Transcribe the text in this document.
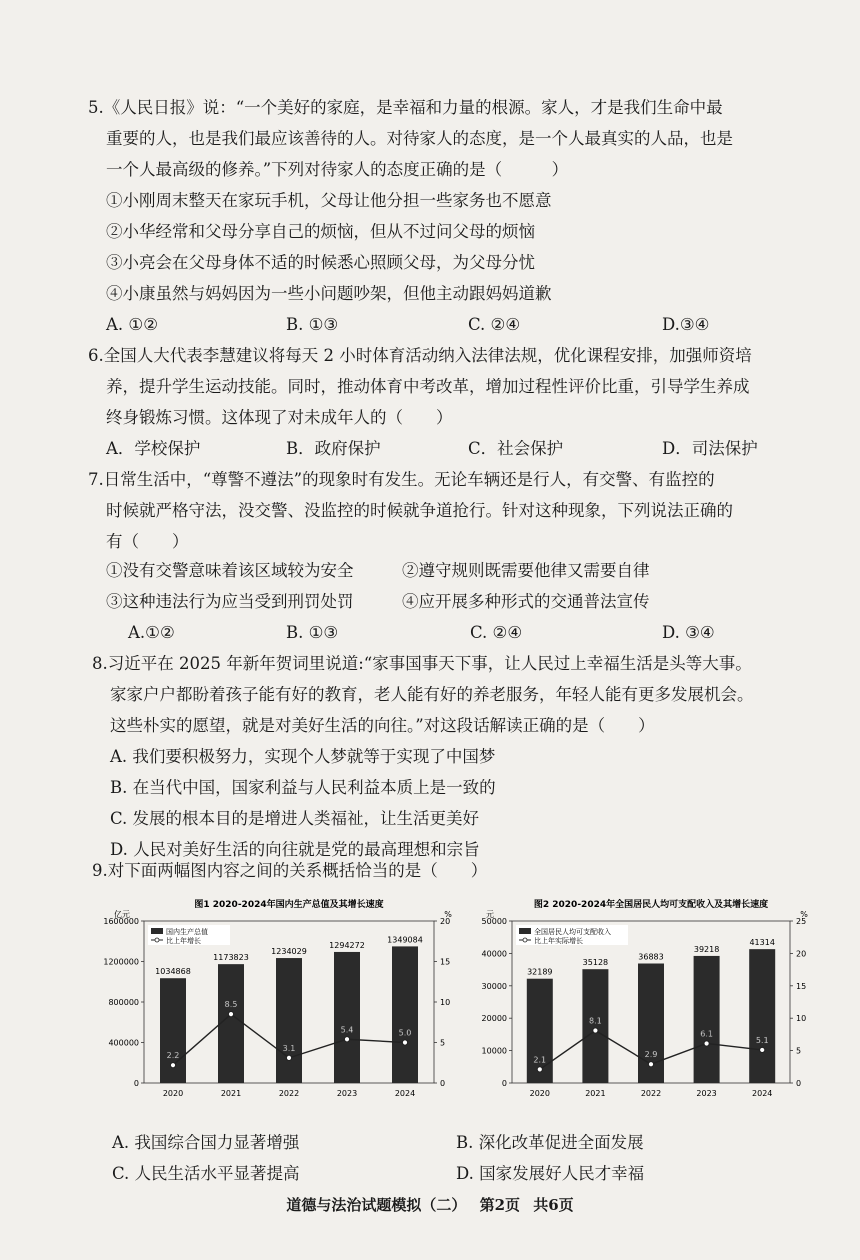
5.《人民日报》说：“一个美好的家庭，是幸福和力量的根源。家人，才是我们生命中最
重要的人，也是我们最应该善待的人。对待家人的态度，是一个人最真实的人品，也是
一个人最高级的修养。”下列对待家人的态度正确的是（　　　）
①小刚周末整天在家玩手机，父母让他分担一些家务也不愿意
②小华经常和父母分享自己的烦恼，但从不过问父母的烦恼
③小亮会在父母身体不适的时候悉心照顾父母，为父母分忧
④小康虽然与妈妈因为一些小问题吵架，但他主动跟妈妈道歉
A. ①②	B. ①③	C. ②④	D.③④
6.全国人大代表李慧建议将每天 2 小时体育活动纳入法律法规，优化课程安排，加强师资培
养，提升学生运动技能。同时，推动体育中考改革，增加过程性评价比重，引导学生养成
终身锻炼习惯。这体现了对未成年人的（　　）
A．学校保护	B．政府保护	C．社会保护	D．司法保护
7.日常生活中，“尊警不遵法”的现象时有发生。无论车辆还是行人，有交警、有监控的
时候就严格守法，没交警、没监控的时候就争道抢行。针对这种现象，下列说法正确的
有（　　）
①没有交警意味着该区域较为安全	②遵守规则既需要他律又需要自律
③这种违法行为应当受到刑罚处罚	④应开展多种形式的交通普法宣传
A.①②	B. ①③	C. ②④	D. ③④
8.习近平在 2025 年新年贺词里说道:“家事国事天下事，让人民过上幸福生活是头等大事。
家家户户都盼着孩子能有好的教育，老人能有好的养老服务，年轻人能有更多发展机会。
这些朴实的愿望，就是对美好生活的向往。”对这段话解读正确的是（　　）
A. 我们要积极努力，实现个人梦就等于实现了中国梦
B. 在当代中国，国家利益与人民利益本质上是一致的
C. 发展的根本目的是增进人类福祉，让生活更美好
D. 人民对美好生活的向往就是党的最高理想和宗旨
9.对下面两幅图内容之间的关系概括恰当的是（　　）
图1 2020-2024年国内生产总值及其增长速度
亿元	%
0
400000
800000
1200000
1600000
0
5
10
15
20
1034868
2020
1173823
2021
1234029
2022
1294272
2023
1349084
2024
2.2
8.5
3.1
5.4	5.0
国内生产总值
比上年增长
图2 2020-2024年全国居民人均可支配收入及其增长速度
元	%
0
10000
20000
30000
40000
50000
0
5
10
15
20
25
32189
2020
35128
2021
36883
2022
39218
2023
41314
2024
2.1
8.1
2.9
6.1
5.1
全国居民人均可支配收入
比上年实际增长
A. 我国综合国力显著增强	B. 深化改革促进全面发展
C. 人民生活水平显著提高	D. 国家发展好人民才幸福
道德与法治试题模拟（二） 第2页 共6页
